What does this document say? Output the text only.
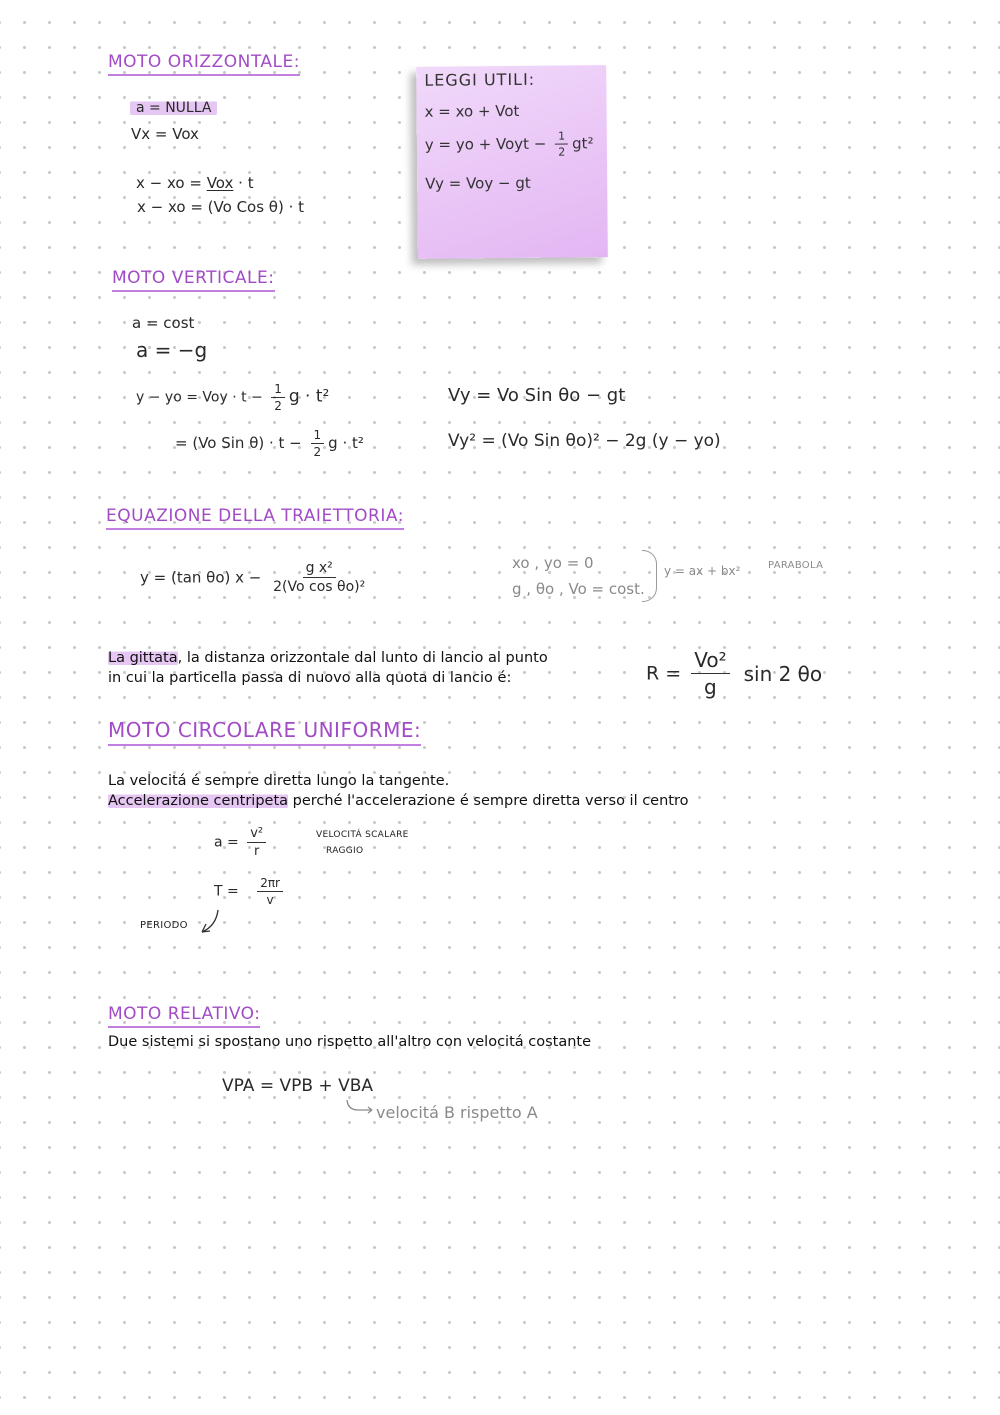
MOTO ORIZZONTALE:
a = NULLA
Vx = Vox
x − xo = Vox · t
x − xo = (Vo Cos θ) · t
LEGGI UTILI:
x = xo + Vot
y = yo + Voyt − $\frac{1}{2} gt^2$
Vy = Voy − gt
MOTO VERTICALE:
a = cost
a = −g
y − yo = Voy · $t - \frac{1}{2}$ g · t²
= (Vo Sin $\theta) \cdot t - \frac{1}{2}$ g · t²
Vy = Vo Sin θo − gt
Vy² = (Vo Sin θo)² − 2g (y − yo)
EQUAZIONE DELLA TRAIETTORIA:
y = (tan θo) $x - \frac{\text{g x²}}{\text{2(Vo cos θo)²}}$	xo , yo = 0
g , θo , Vo = cost.
y = ax + bx²	PARABOLA
La gittata, la distanza orizzontale dal lunto di lancio al punto
in cui la particella passa di nuovo alla quota di lancio é:	$R = \frac{\text{Vo²}}{g}$ sin 2 θo
MOTO CIRCOLARE UNIFORME:
La velocitá é sempre diretta lungo la tangente.
Accelerazione centripeta perché l'accelerazione é sempre diretta verso il centro
$a = \frac{\text{v²}}{r}$	VELOCITÁ SCALARE
RAGGIO
$T = \frac{2\pi r}{v}$
PERIODO
MOTO RELATIVO:
Due sistemi si spostano uno rispetto all'altro con velocitá costante
VPA = VPB + VBA
velocitá B rispetto A
